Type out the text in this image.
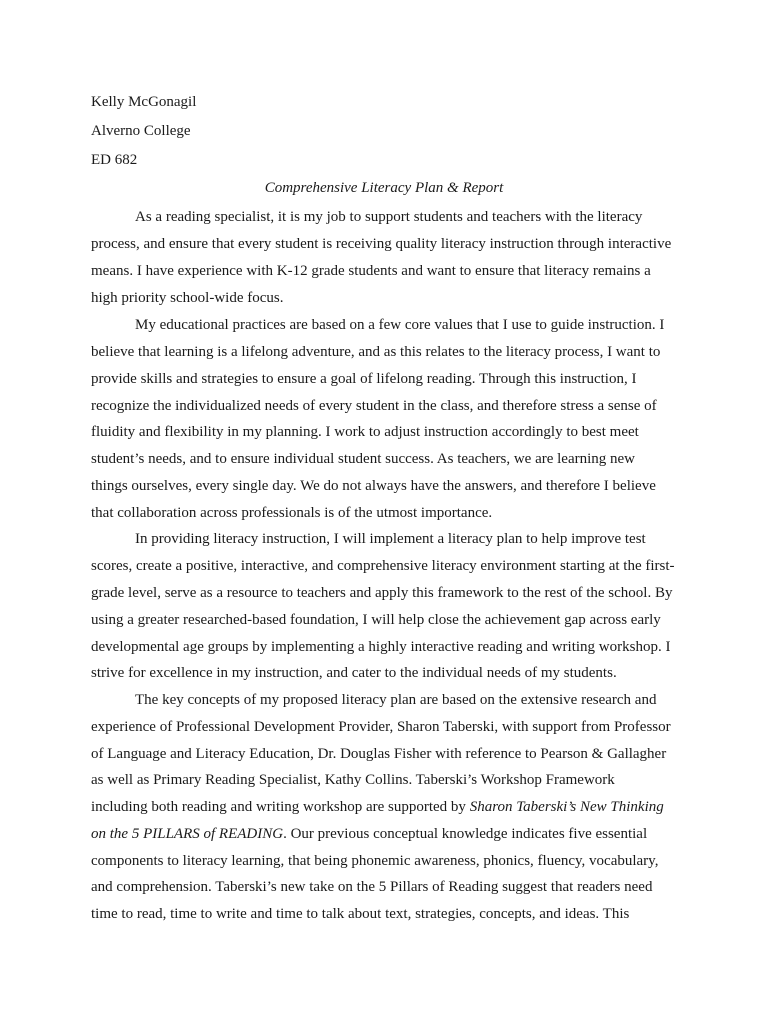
Kelly McGonagil
Alverno College
ED 682
Comprehensive Literacy Plan & Report
As a reading specialist, it is my job to support students and teachers with the literacy
process, and ensure that every student is receiving quality literacy instruction through interactive
means. I have experience with K-12 grade students and want to ensure that literacy remains a
high priority school-wide focus.
My educational practices are based on a few core values that I use to guide instruction. I
believe that learning is a lifelong adventure, and as this relates to the literacy process, I want to
provide skills and strategies to ensure a goal of lifelong reading. Through this instruction, I
recognize the individualized needs of every student in the class, and therefore stress a sense of
fluidity and flexibility in my planning. I work to adjust instruction accordingly to best meet
student’s needs, and to ensure individual student success. As teachers, we are learning new
things ourselves, every single day. We do not always have the answers, and therefore I believe
that collaboration across professionals is of the utmost importance.
In providing literacy instruction, I will implement a literacy plan to help improve test
scores, create a positive, interactive, and comprehensive literacy environment starting at the first-
grade level, serve as a resource to teachers and apply this framework to the rest of the school. By
using a greater researched-based foundation, I will help close the achievement gap across early
developmental age groups by implementing a highly interactive reading and writing workshop. I
strive for excellence in my instruction, and cater to the individual needs of my students.
The key concepts of my proposed literacy plan are based on the extensive research and
experience of Professional Development Provider, Sharon Taberski, with support from Professor
of Language and Literacy Education, Dr. Douglas Fisher with reference to Pearson & Gallagher
as well as Primary Reading Specialist, Kathy Collins. Taberski’s Workshop Framework
including both reading and writing workshop are supported by Sharon Taberski’s New Thinking
on the 5 PILLARS of READING. Our previous conceptual knowledge indicates five essential
components to literacy learning, that being phonemic awareness, phonics, fluency, vocabulary,
and comprehension. Taberski’s new take on the 5 Pillars of Reading suggest that readers need
time to read, time to write and time to talk about text, strategies, concepts, and ideas. This
